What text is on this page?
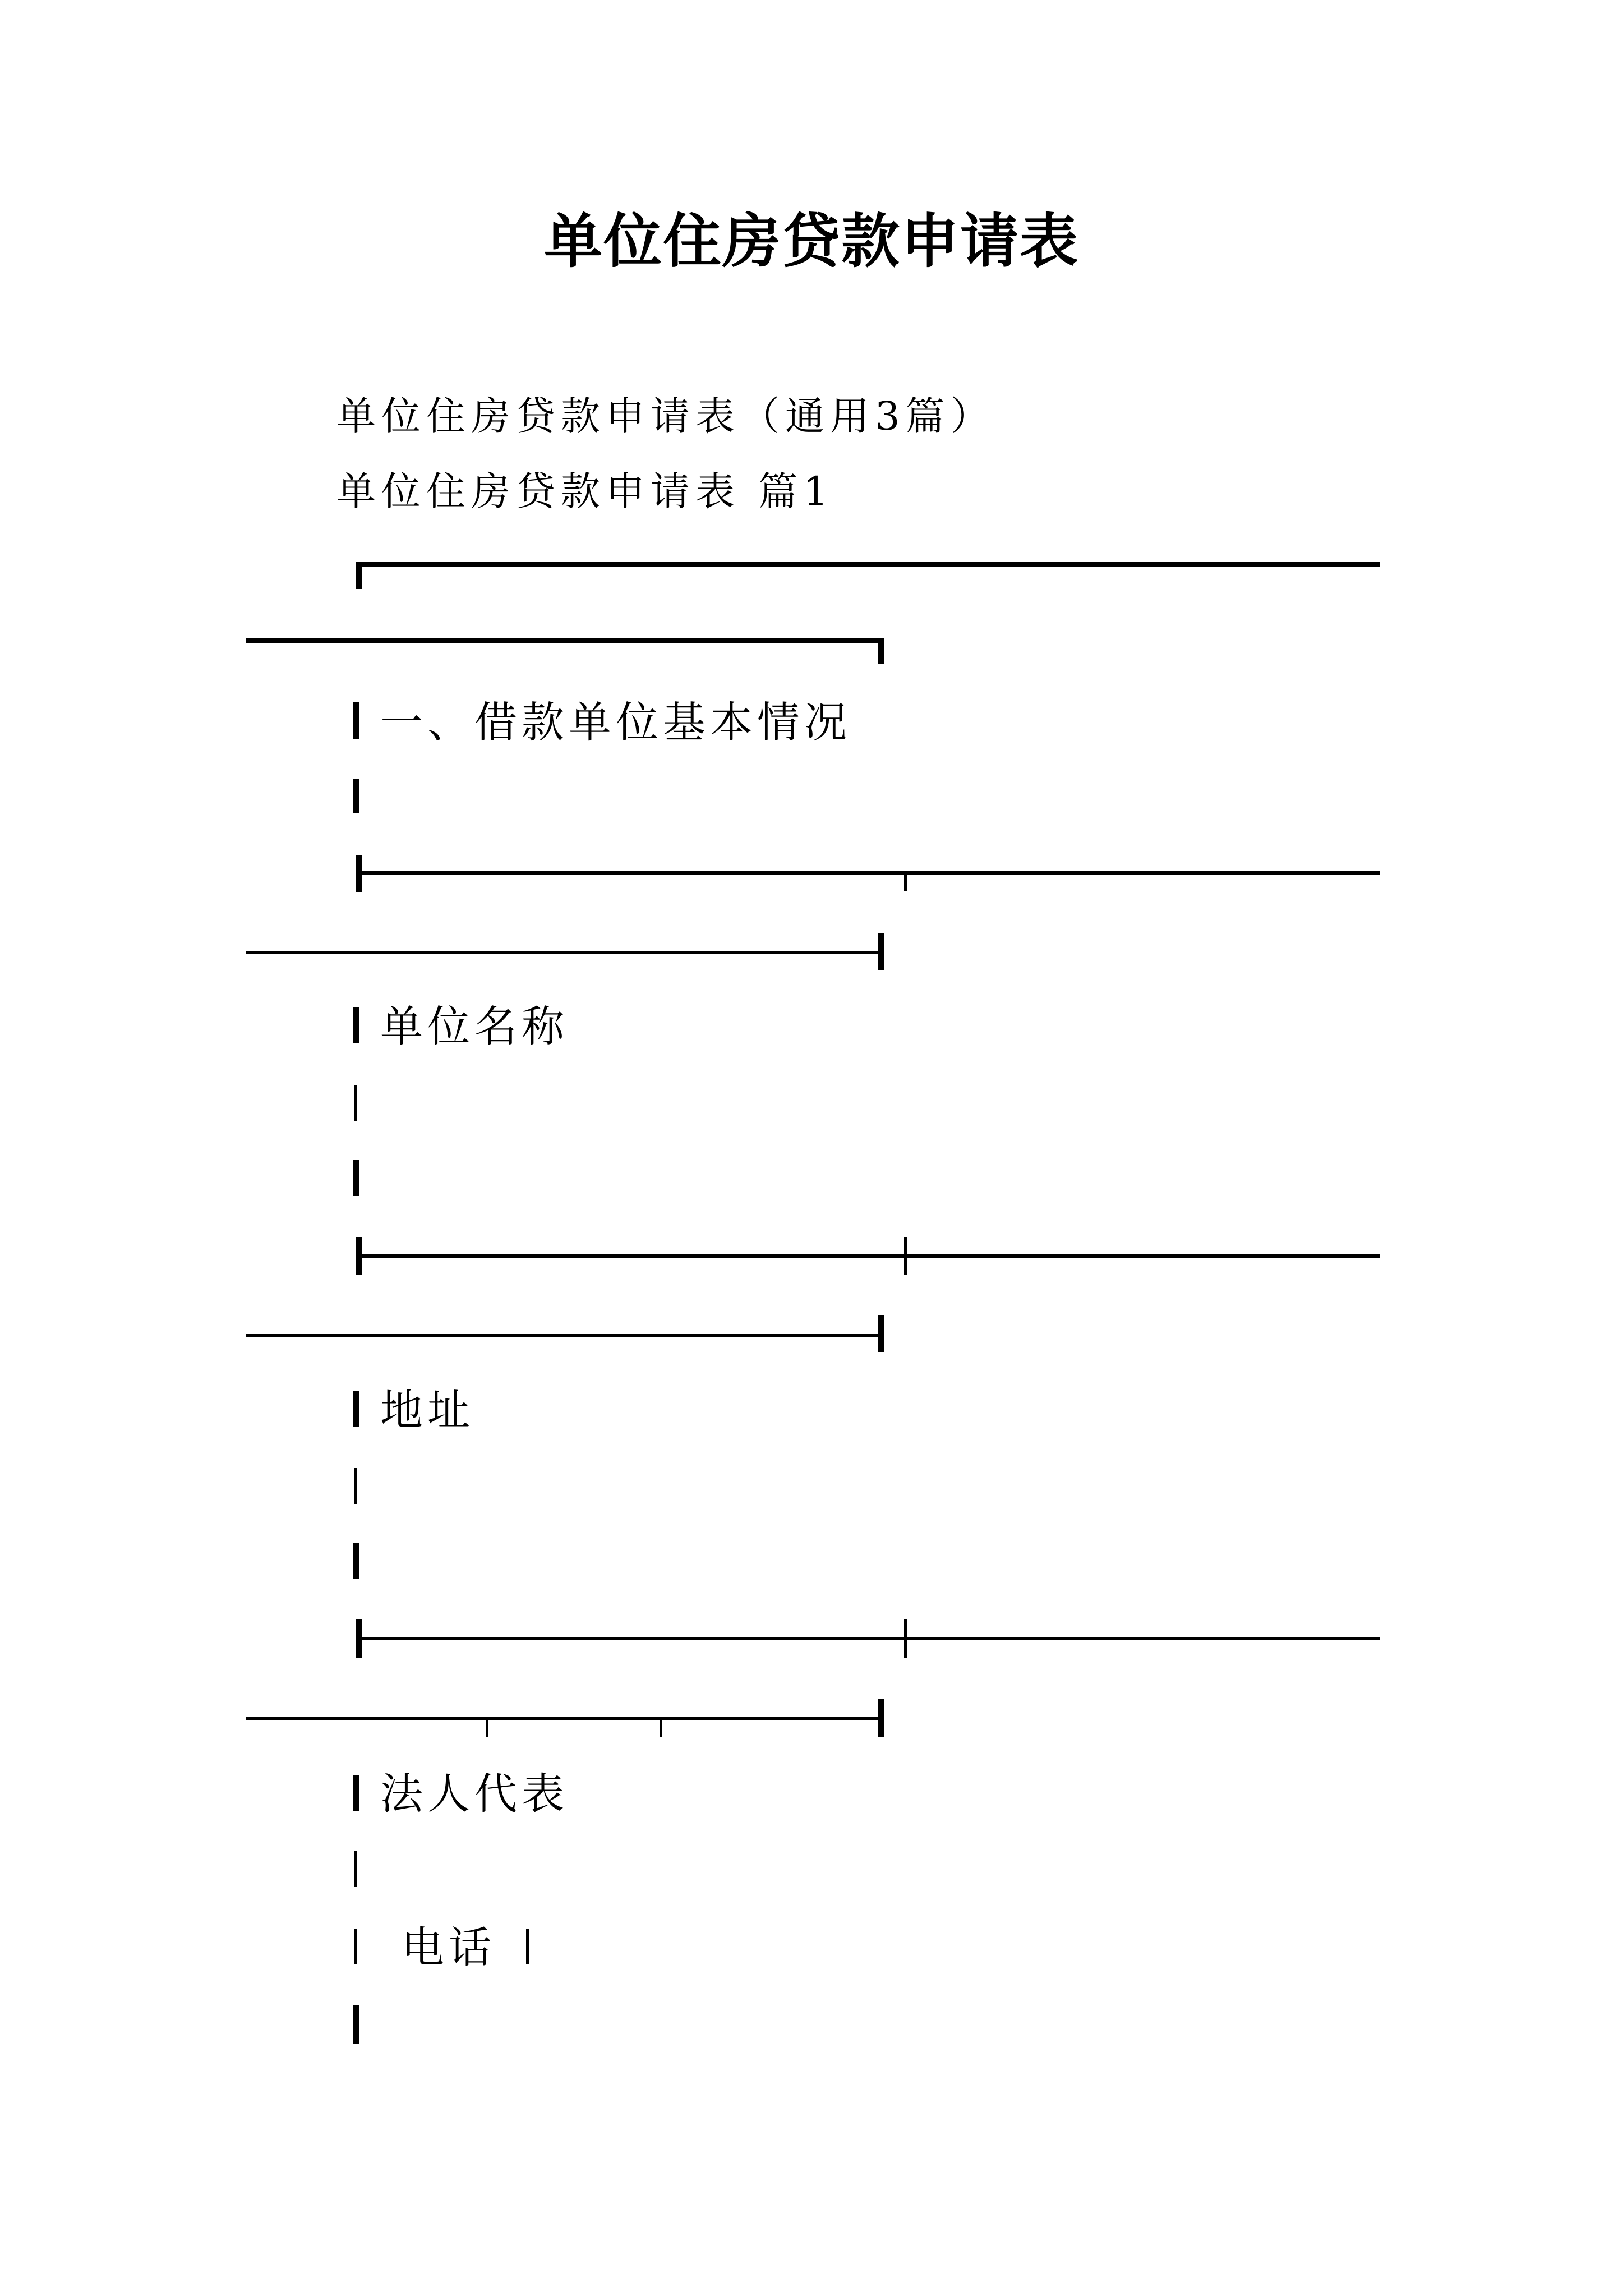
单位住房贷款申请表
单位住房贷款申请表（通用3篇）
单位住房贷款申请表 篇1
一、借款单位基本情况
单位名称
地址
法人代表
电话
